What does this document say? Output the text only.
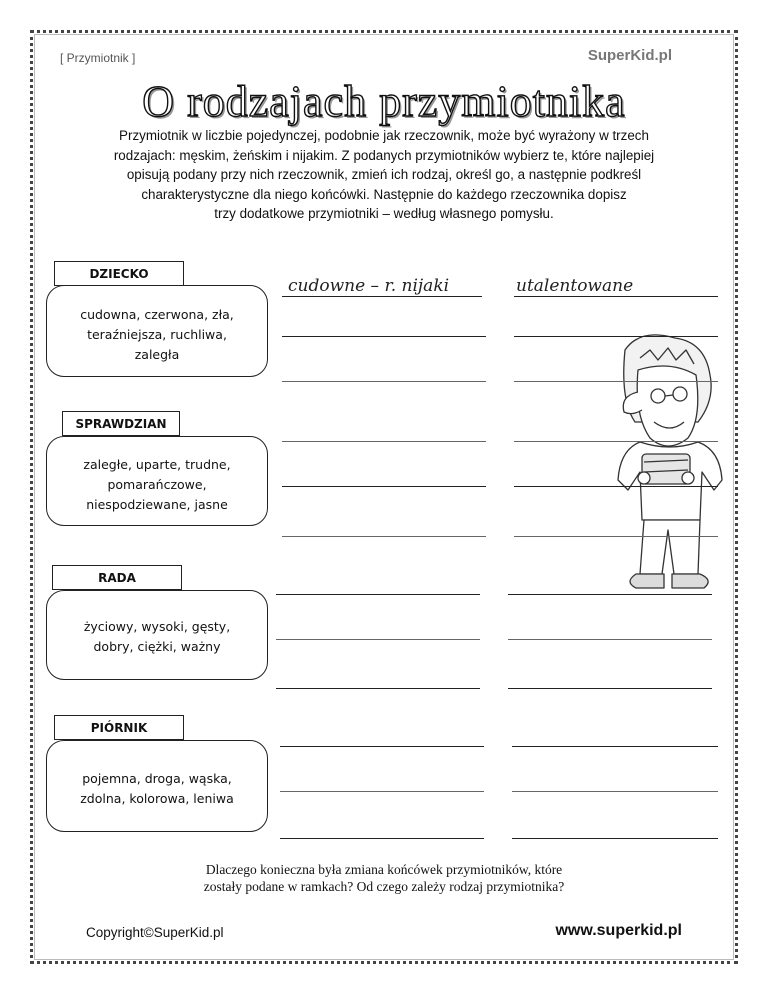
[ Przymiotnik ]	SuperKid.pl
O rodzajach przymiotnika
Przymiotnik w liczbie pojedynczej, podobnie jak rzeczownik, może być wyrażony w trzech
rodzajach: męskim, żeńskim i nijakim. Z podanych przymiotników wybierz te, które najlepiej
opisują podany przy nich rzeczownik, zmień ich rodzaj, określ go, a następnie podkreśl
charakterystyczne dla niego końcówki. Następnie do każdego rzeczownika dopisz
trzy dodatkowe przymiotniki – według własnego pomysłu.
cudowna, czerwona, zła,
teraźniejsza, ruchliwa,
zaległa
DZIECKO
zaległe, uparte, trudne,
pomarańczowe,
niespodziewane, jasne
SPRAWDZIAN
życiowy, wysoki, gęsty,
dobry, ciężki, ważny
RADA
pojemna, droga, wąska,
zdolna, kolorowa, leniwa
PIÓRNIK
cudowne – r. nijaki	utalentowane
Dlaczego konieczna była zmiana końcówek przymiotników, które
zostały podane w ramkach? Od czego zależy rodzaj przymiotnika?
Copyright©SuperKid.pl	www.superkid.pl
